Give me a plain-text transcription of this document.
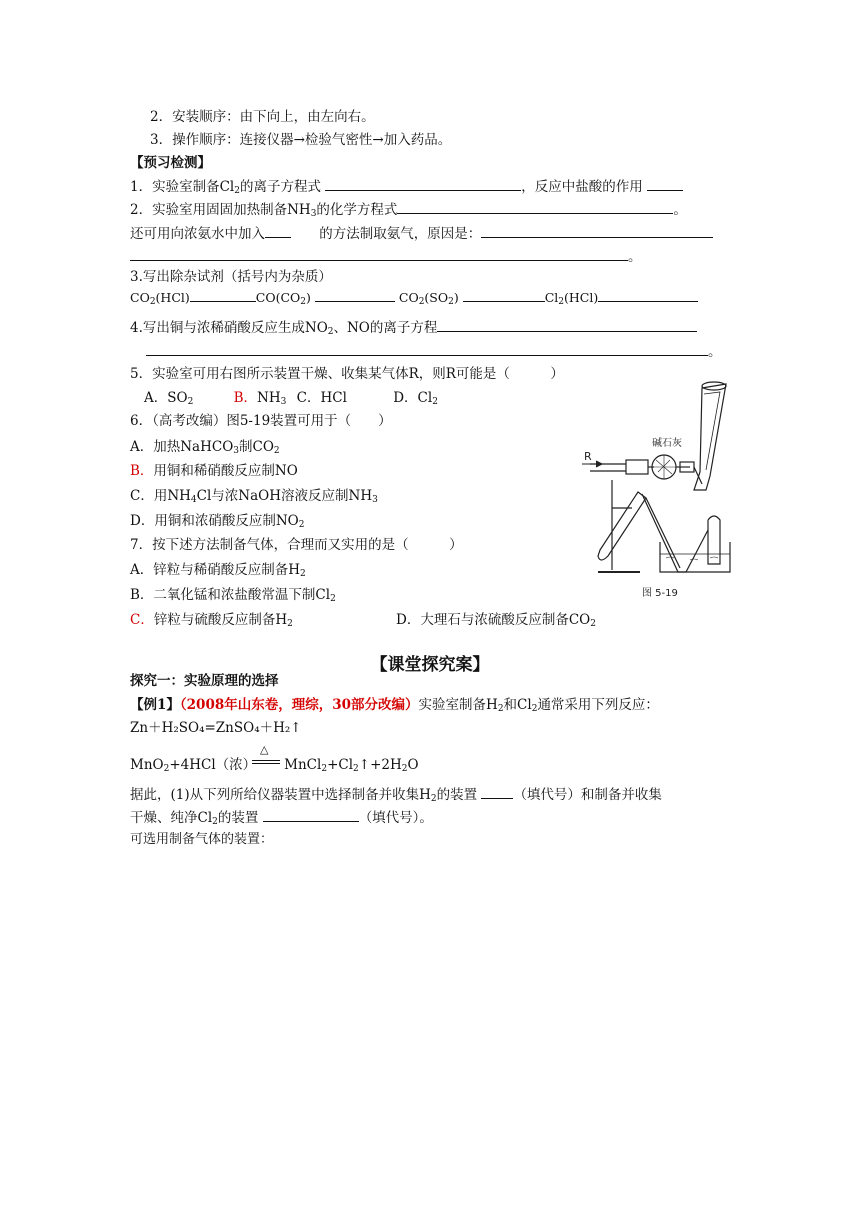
2．安装顺序：由下向上，由左向右。
3．操作顺序：连接仪器→检验气密性→加入药品。
【预习检测】
1．实验室制备$Cl_2$的离子方程式	，反应中盐酸的作用
2．实验室用固固加热制备$NH_3$的化学方程式	。
还可用向浓氨水中加入	的方法制取氨气，原因是：
。
3.写出除杂试剂（括号内为杂质）
$CO_2(HCl)$	$CO(CO_2)$	$CO_2(SO_2)$	$Cl_2(HCl)$
4.写出铜与浓稀硝酸反应生成$NO_2$、NO的离子方程
。
5．实验室可用右图所示装置干燥、收集某气体R，则R可能是（　　　）
A．$SO_2$	B．$NH_3$ C．HCl	D．$Cl_2$
6．（高考改编）图5-19装置可用于（　　）
A．加热NaHCO$_3$制$CO_2$
B．用铜和稀硝酸反应制NO
C．用$NH_4Cl$与浓NaOH溶液反应制$NH_3$
D．用铜和浓硝酸反应制$NO_2$
7．按下述方法制备气体，合理而又实用的是（　　　）
A．锌粒与稀硝酸反应制备$H_2$
B．二氧化锰和浓盐酸常温下制$Cl_2$
C．锌粒与硫酸反应制备$H_2$	D．大理石与浓硫酸反应制备$CO_2$
R
碱石灰
图 5-19
【课堂探究案】
探究一：实验原理的选择
【例1】（2008年山东卷，理综，30部分改编）实验室制备$H_2$和$Cl_2$通常采用下列反应：
Zn＋H₂SO₄=ZnSO₄＋H₂↑
△
MnO$_2$+4HCl（浓） $MnCl_2+Cl_2↑+2H_2O$
据此，(1)从下列所给仪器装置中选择制备并收集$H_2$的装置	（填代号）和制备并收集
干燥、纯净$Cl_2$的装置	（填代号）。
可选用制备气体的装置：
